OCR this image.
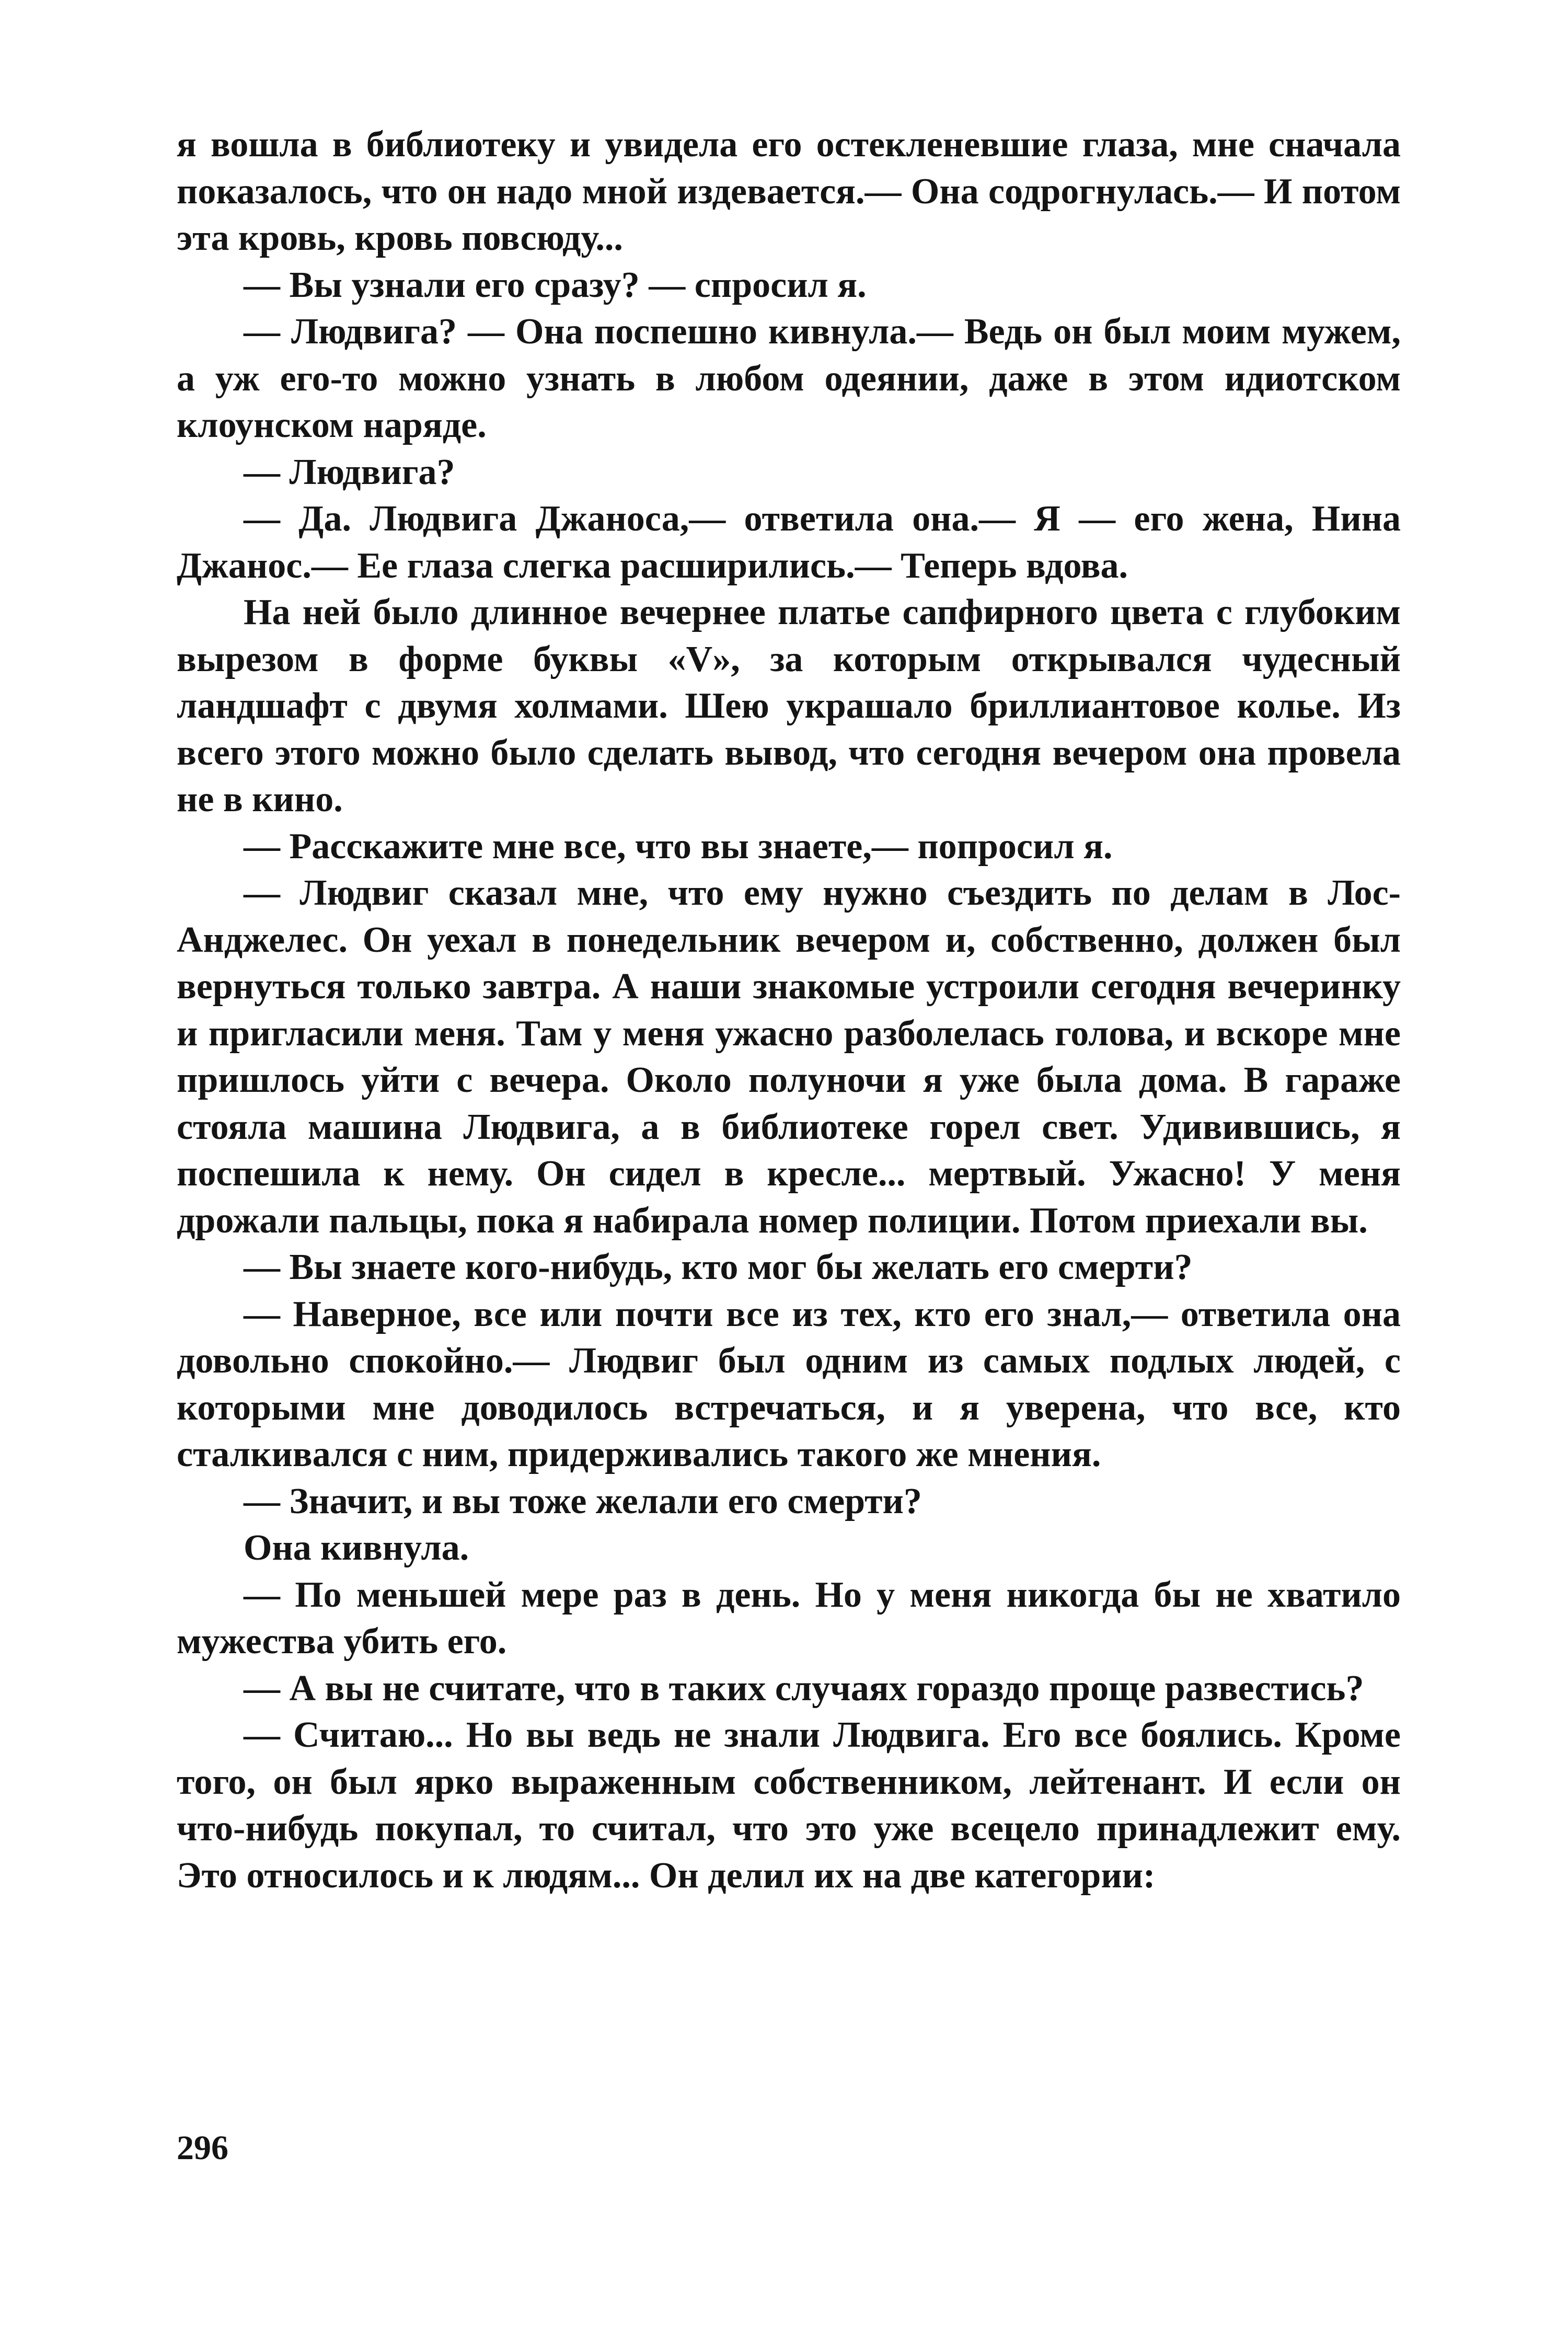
я вошла в библиотеку и увидела его остекленевшие глаза, мне сначала показалось, что он надо мной издевается.— Она содрогнулась.— И потом эта кровь, кровь повсюду...

— Вы узнали его сразу? — спросил я.

— Людвига? — Она поспешно кивнула.— Ведь он был моим мужем, а уж его-то можно узнать в любом одеянии, даже в этом идиотском клоунском наряде.

— Людвига?

— Да. Людвига Джаноса,— ответила она.— Я — его жена, Нина Джанос.— Ее глаза слегка расширились.— Теперь вдова.

На ней было длинное вечернее платье сапфирного цвета с глубоким вырезом в форме буквы «V», за которым открывался чудесный ландшафт с двумя холмами. Шею украшало бриллиантовое колье. Из всего этого можно было сделать вывод, что сегодня вечером она провела не в кино.

— Расскажите мне все, что вы знаете,— попросил я.

— Людвиг сказал мне, что ему нужно съездить по делам в Лос-Анджелес. Он уехал в понедельник вечером и, собственно, должен был вернуться только завтра. А наши знакомые устроили сегодня вечеринку и пригласили меня. Там у меня ужасно разболелась голова, и вскоре мне пришлось уйти с вечера. Около полуночи я уже была дома. В гараже стояла машина Людвига, а в библиотеке горел свет. Удивившись, я поспешила к нему. Он сидел в кресле... мертвый. Ужасно! У меня дрожали пальцы, пока я набирала номер полиции. Потом приехали вы.

— Вы знаете кого-нибудь, кто мог бы желать его смерти?

— Наверное, все или почти все из тех, кто его знал,— ответила она довольно спокойно.— Людвиг был одним из самых подлых людей, с которыми мне доводилось встречаться, и я уверена, что все, кто сталкивался с ним, придерживались такого же мнения.

— Значит, и вы тоже желали его смерти?

Она кивнула.

— По меньшей мере раз в день. Но у меня никогда бы не хватило мужества убить его.

— А вы не считате, что в таких случаях гораздо проще развестись?

— Считаю... Но вы ведь не знали Людвига. Его все боялись. Кроме того, он был ярко выраженным собственником, лейтенант. И если он что-нибудь покупал, то считал, что это уже всецело принадлежит ему. Это относилось и к людям... Он делил их на две категории:

296
